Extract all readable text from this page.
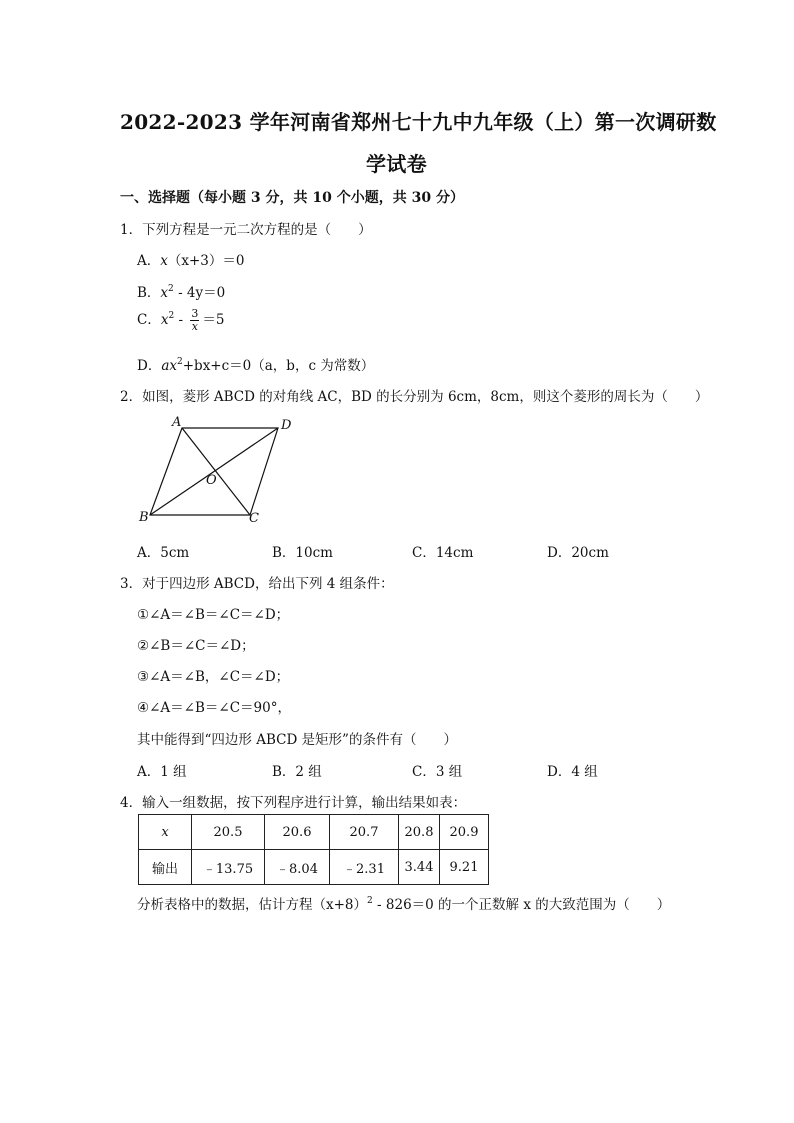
2022-2023 学年河南省郑州七十九中九年级（上）第一次调研数
学试卷
一、选择题（每小题 3 分，共 10 个小题，共 30 分）
1．下列方程是一元二次方程的是（　　）
A．x（x+3）＝0
B．$x^2 - 4y=0$
C．$x^2 - \frac{3}{x} =5$
D．$ax^2+bx+c=0(a$，b，c 为常数）
2．如图，菱形 ABCD 的对角线 AC，BD 的长分别为 6cm，8cm，则这个菱形的周长为（　　）
A	D
B	C
O
A．5cm	B．10cm	C．14cm	D．20cm
3．对于四边形 ABCD，给出下列 4 组条件：
①∠A＝∠B＝∠C＝∠D；
②∠B＝∠C＝∠D；
③∠A＝∠B，∠C＝∠D；
④∠A＝∠B＝∠C＝90°，
其中能得到“四边形 ABCD 是矩形”的条件有（　　）
A．1 组	B．2 组	C．3 组	D．4 组
4．输入一组数据，按下列程序进行计算，输出结果如表：
x	20.5	20.6	20.7	20.8	20.9
输出	﹣13.75	﹣8.04	﹣2.31	3.44	9.21
分析表格中的数据，估计方程$(x+8)^2 - 826=0$ 的一个正数解 x 的大致范围为（　　）
